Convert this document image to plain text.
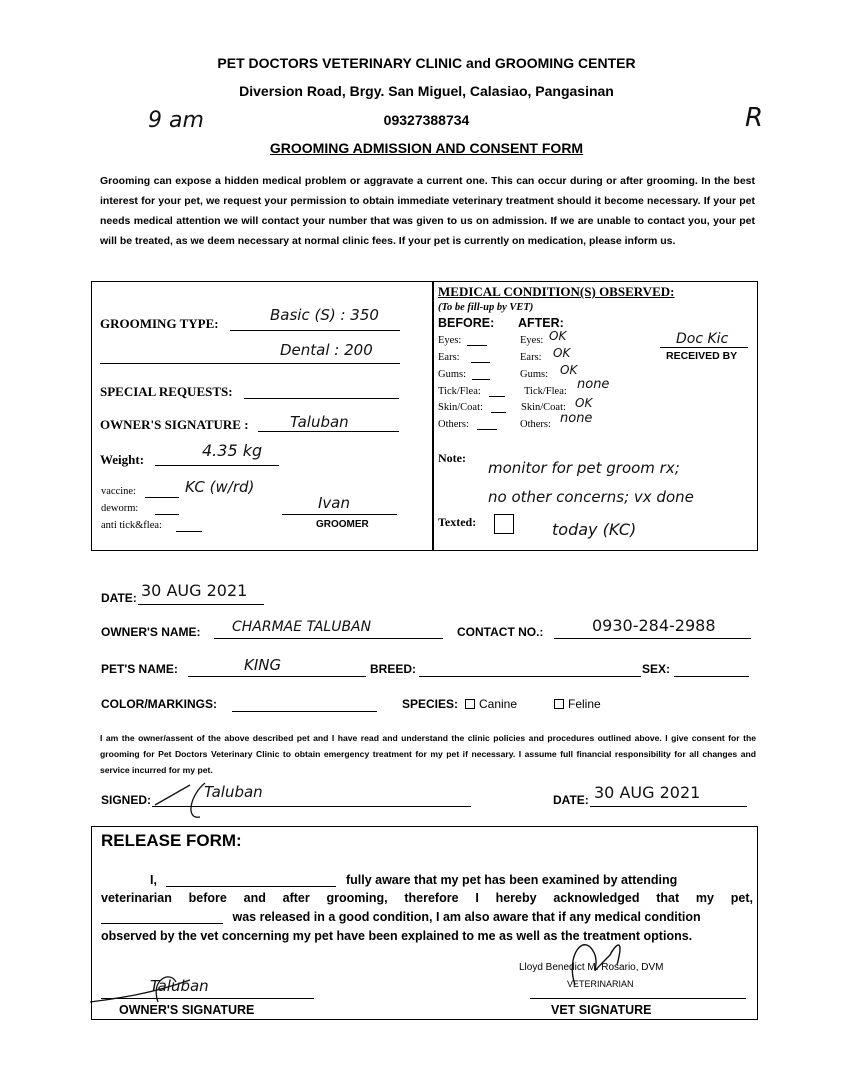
PET DOCTORS VETERINARY CLINIC and GROOMING CENTER
Diversion Road, Brgy. San Miguel, Calasiao, Pangasinan
09327388734
GROOMING ADMISSION AND CONSENT FORM
9 am	R
Grooming can expose a hidden medical problem or aggravate a current one. This can occur during or after grooming. In the best interest for your pet, we request your permission to obtain immediate veterinary treatment should it become necessary. If your pet needs medical attention we will contact your number that was given to us on admission. If we are unable to contact you, your pet will be treated, as we deem necessary at normal clinic fees. If your pet is currently on medication, please inform us.
GROOMING TYPE:	Basic (S) : 350
Dental : 200
SPECIAL REQUESTS:
OWNER'S SIGNATURE :	Taluban
Weight:	4.35 kg
vaccine:	KC (w/rd)
deworm:
anti tick&flea:
Ivan
GROOMER
MEDICAL CONDITION(S) OBSERVED:
(To be fill-up by VET)
BEFORE: AFTER:
Eyes:	Eyes: OK
Ears:	Ears: OK
Gums:	Gums: OK
Tick/Flea:	Tick/Flea: none
Skin/Coat:	Skin/Coat: OK
Others:	Others: none
Doc Kic
RECEIVED BY
Note:
monitor for pet groom rx;
no other concerns; vx done
today (KC)
Texted:
DATE: 30 AUG 2021
OWNER'S NAME: CHARMAE TALUBAN	CONTACT NO.:	0930-284-2988
PET'S NAME:	KING	BREED:	SEX:
COLOR/MARKINGS:	SPECIES:	Canine	Feline
I am the owner/assent of the above described pet and I have read and understand the clinic policies and procedures outlined above. I give consent for the grooming for Pet Doctors Veterinary Clinic to obtain emergency treatment for my pet if necessary. I assume full financial responsibility for all changes and service incurred for my pet.
SIGNED:	Taluban	DATE: 30 AUG 2021
RELEASE FORM:
I,	fully aware that my pet has been examined by attending
veterinarian before and after grooming, therefore I hereby acknowledged that my pet,
was released in a good condition, I am also aware that if any medical condition
observed by the vet concerning my pet have been explained to me as well as the treatment options.
Taluban
OWNER'S SIGNATURE
Lloyd Benedict M. Rosario, DVM
VETERINARIAN
VET SIGNATURE
